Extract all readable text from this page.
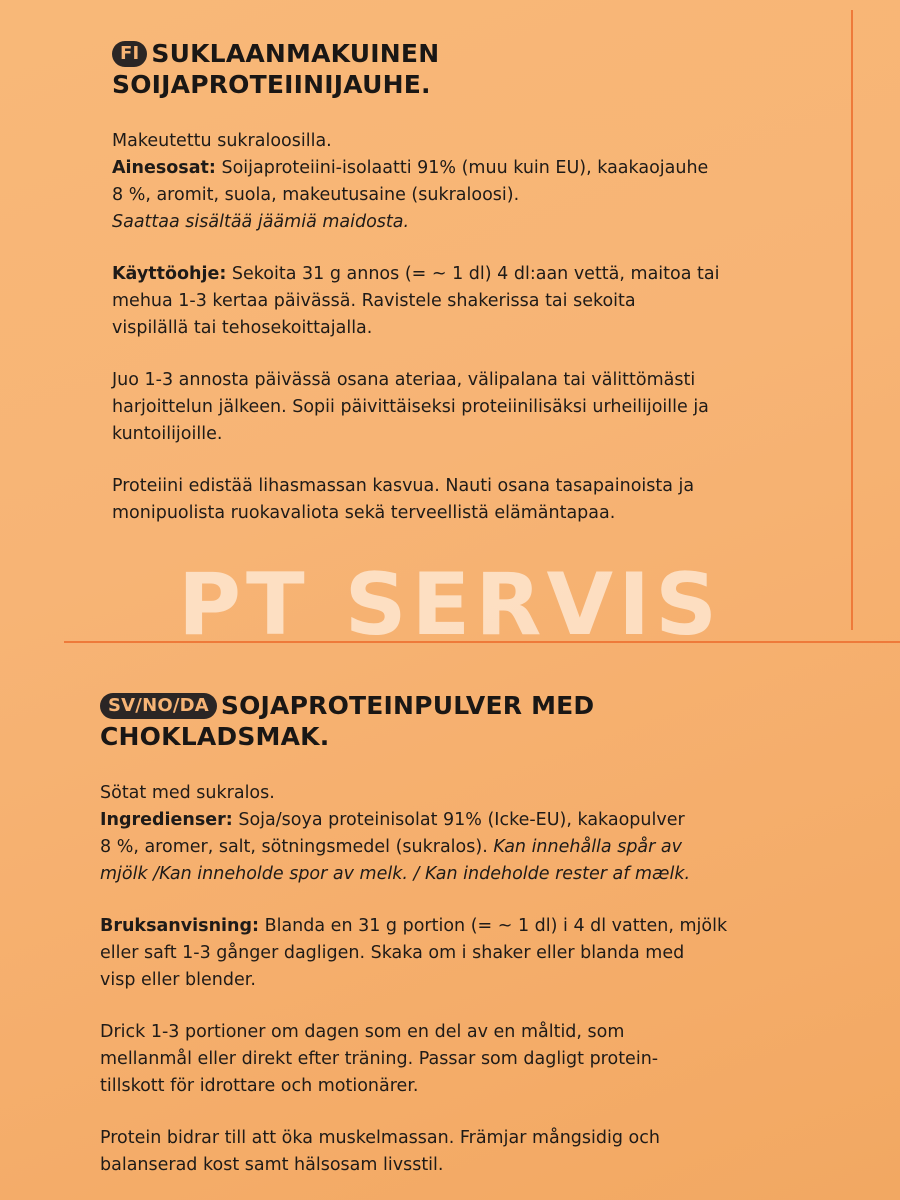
FI SUKLAANMAKUINEN
SOIJAPROTEIINIJAUHE.
Makeutettu sukraloosilla.
Ainesosat: Soijaproteiini-isolaatti 91% (muu kuin EU), kaakaojauhe
8 %, aromit, suola, makeutusaine (sukraloosi).
Saattaa sisältää jäämiä maidosta.
Käyttöohje: Sekoita 31 g annos (= ~ 1 dl) 4 dl:aan vettä, maitoa tai
mehua 1-3 kertaa päivässä. Ravistele shakerissa tai sekoita
vispilällä tai tehosekoittajalla.
Juo 1-3 annosta päivässä osana ateriaa, välipalana tai välittömästi
harjoittelun jälkeen. Sopii päivittäiseksi proteiinilisäksi urheilijoille ja
kuntoilijoille.
Proteiini edistää lihasmassan kasvua. Nauti osana tasapainoista ja
monipuolista ruokavaliota sekä terveellistä elämäntapaa.
PT SERVIS
SV/NO/DA SOJAPROTEINPULVER MED
CHOKLADSMAK.
Sötat med sukralos.
Ingredienser: Soja/soya proteinisolat 91% (Icke-EU), kakaopulver
8 %, aromer, salt, sötningsmedel (sukralos). Kan innehålla spår av
mjölk /Kan inneholde spor av melk. / Kan indeholde rester af mælk.
Bruksanvisning: Blanda en 31 g portion (= ~ 1 dl) i 4 dl vatten, mjölk
eller saft 1-3 gånger dagligen. Skaka om i shaker eller blanda med
visp eller blender.
Drick 1-3 portioner om dagen som en del av en måltid, som
mellanmål eller direkt efter träning. Passar som dagligt protein-
tillskott för idrottare och motionärer.
Protein bidrar till att öka muskelmassan. Främjar mångsidig och
balanserad kost samt hälsosam livsstil.
